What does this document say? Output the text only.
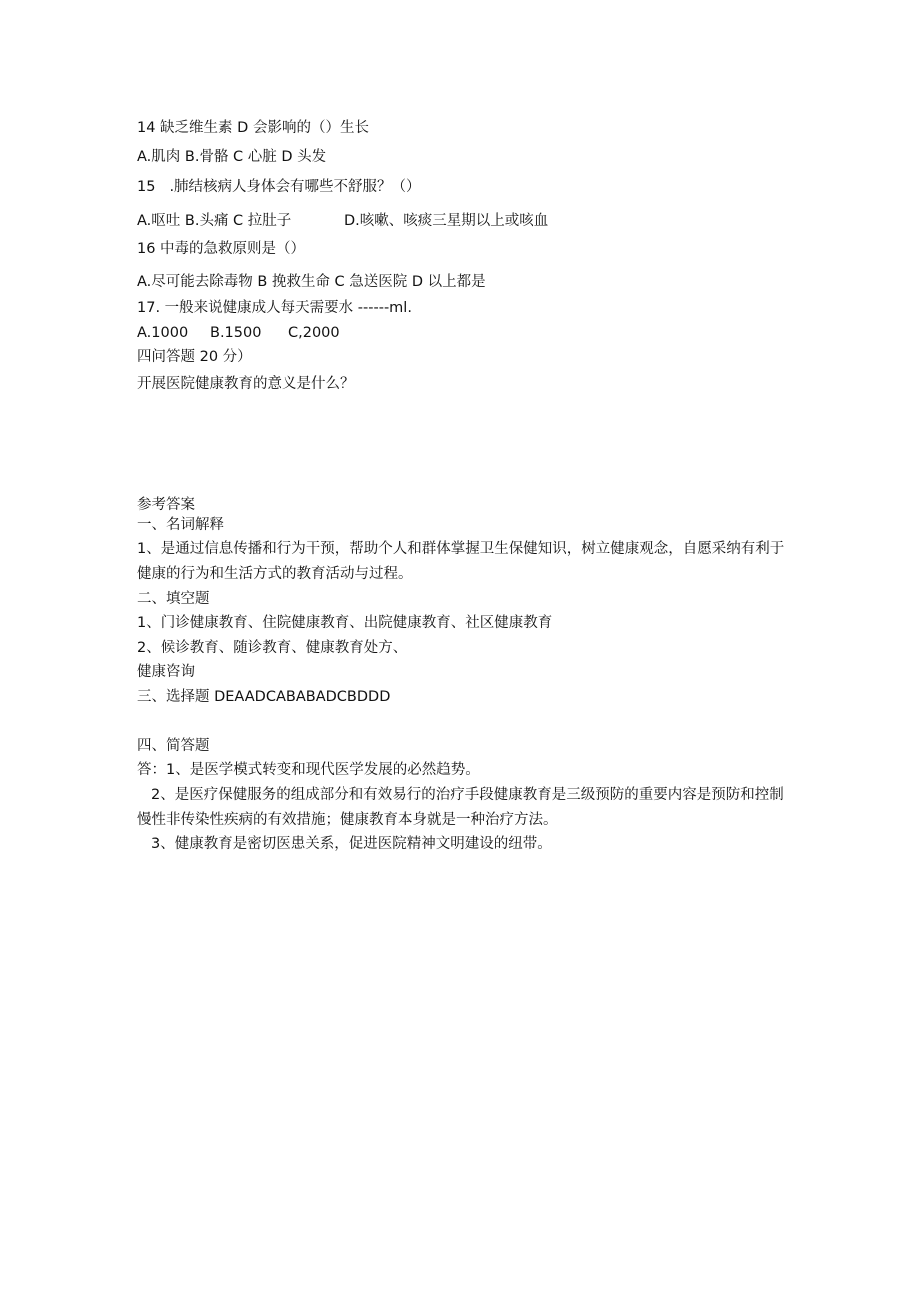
14 缺乏维生素 D 会影响的（）生长
A.肌肉 B.骨骼 C 心脏 D 头发
15 .肺结核病人身体会有哪些不舒服？（）
A.呕吐 B.头痛 C 拉肚子	D.咳嗽、咳痰三星期以上或咳血
16 中毒的急救原则是（）
A.尽可能去除毒物 B 挽救生命 C 急送医院 D 以上都是
17. 一般来说健康成人每天需要水 ------ml.
A.1000 B.1500 C,2000
四问答题 20 分）
开展医院健康教育的意义是什么？
参考答案
一、名词解释
1、是通过信息传播和行为干预，帮助个人和群体掌握卫生保健知识，树立健康观念，自愿采纳有利于健康的行为和生活方式的教育活动与过程。
二、填空题
1、门诊健康教育、住院健康教育、出院健康教育、社区健康教育
2、候诊教育、随诊教育、健康教育处方、
健康咨询
三、选择题 DEAADCABABADCBDDD
四、简答题
答：1、是医学模式转变和现代医学发展的必然趋势。
2、是医疗保健服务的组成部分和有效易行的治疗手段健康教育是三级预防的重要内容是预防和控制慢性非传染性疾病的有效措施；健康教育本身就是一种治疗方法。
3、健康教育是密切医患关系，促进医院精神文明建设的纽带。
